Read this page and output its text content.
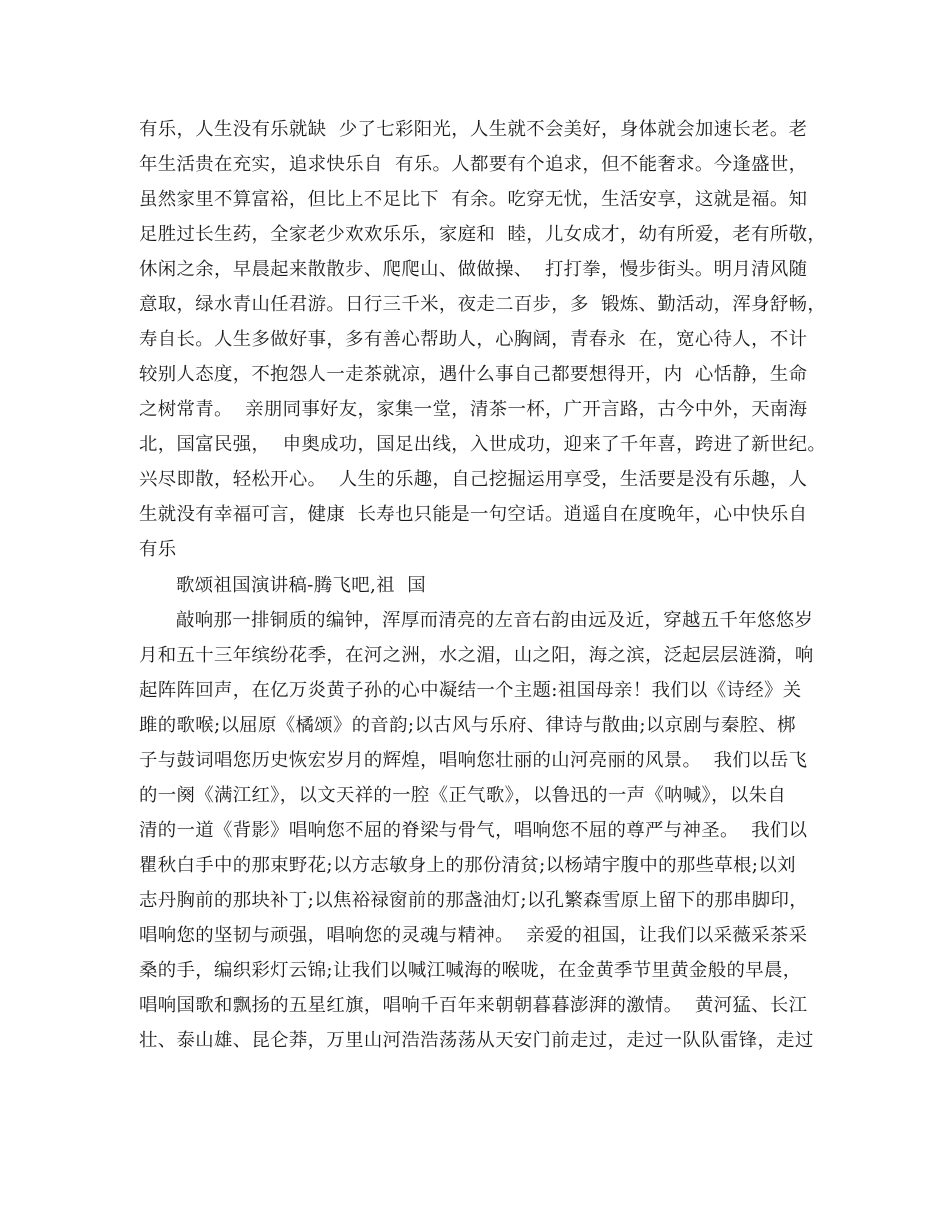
有乐，人生没有乐就缺  少了七彩阳光，人生就不会美好，身体就会加速长老。老
年生活贵在充实，追求快乐自  有乐。人都要有个追求，但不能奢求。今逢盛世，
虽然家里不算富裕，但比上不足比下  有余。吃穿无忧，生活安享，这就是福。知
足胜过长生药，全家老少欢欢乐乐，家庭和  睦，儿女成才，幼有所爱，老有所敬，
休闲之余，早晨起来散散步、爬爬山、做做操、  打打拳，慢步街头。明月清风随
意取，绿水青山任君游。日行三千米，夜走二百步，多  锻炼、勤活动，浑身舒畅，
寿自长。人生多做好事，多有善心帮助人，心胸阔，青春永  在，宽心待人，不计
较别人态度，不抱怨人一走茶就凉，遇什么事自己都要想得开，内  心恬静，生命
之树常青。  亲朋同事好友，家集一堂，清茶一杯，广开言路，古今中外，天南海
北，国富民强，  申奥成功，国足出线，入世成功，迎来了千年喜，跨进了新世纪。
兴尽即散，轻松开心。  人生的乐趣，自己挖掘运用享受，生活要是没有乐趣，人
生就没有幸福可言，健康  长寿也只能是一句空话。逍遥自在度晚年，心中快乐自
有乐
歌颂祖国演讲稿-腾飞吧,祖  国
敲响那一排铜质的编钟，浑厚而清亮的左音右韵由远及近，穿越五千年悠悠岁
月和五十三年缤纷花季，在河之洲，水之湄，山之阳，海之滨，泛起层层涟漪，响
起阵阵回声，在亿万炎黄子孙的心中凝结一个主题:祖国母亲！我们以《诗经》关
雎的歌喉;以屈原《橘颂》的音韵;以古风与乐府、律诗与散曲;以京剧与秦腔、梆
子与鼓词唱您历史恢宏岁月的辉煌，唱响您壮丽的山河亮丽的风景。  我们以岳飞
的一阕《满江红》，以文天祥的一腔《正气歌》，以鲁迅的一声《呐喊》，以朱自
清的一道《背影》唱响您不屈的脊梁与骨气，唱响您不屈的尊严与神圣。  我们以
瞿秋白手中的那束野花;以方志敏身上的那份清贫;以杨靖宇腹中的那些草根;以刘
志丹胸前的那块补丁;以焦裕禄窗前的那盏油灯;以孔繁森雪原上留下的那串脚印，
唱响您的坚韧与顽强，唱响您的灵魂与精神。  亲爱的祖国，让我们以采薇采茶采
桑的手，编织彩灯云锦;让我们以喊江喊海的喉咙，在金黄季节里黄金般的早晨，
唱响国歌和飘扬的五星红旗，唱响千百年来朝朝暮暮澎湃的激情。  黄河猛、长江
壮、泰山雄、昆仑莽，万里山河浩浩荡荡从天安门前走过，走过一队队雷锋，走过
